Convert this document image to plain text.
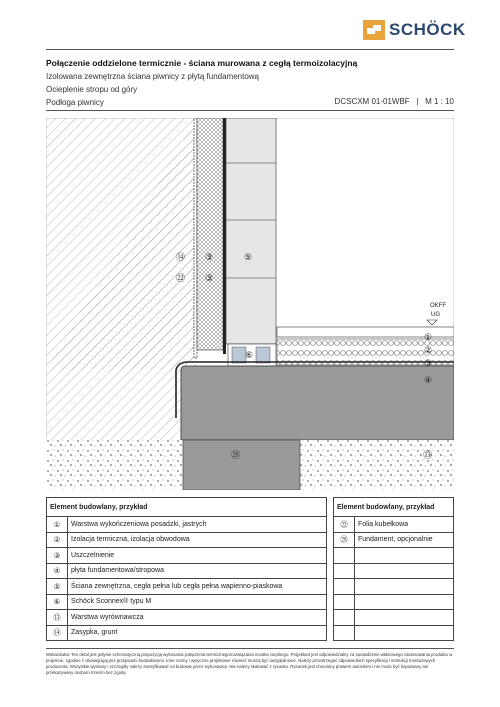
SCHÖCK
Połączenie oddzielone termicznie - ściana murowana z cegłą termoizolacyjną
Izolowana zewnętrzna ściana piwnicy z płytą fundamentową
Ocieplenie stropu od góry
Podłoga piwnicy	DCSCXM 01-01WBF   |   M 1 : 10
OKFF
UG
⑭ ③	⑤
㉒ ③
⑥
①
②
③
④
㉘	⑬
Element budowlany, przykład			Element budowlany, przykład	
①	Warstwa wykończeniowa posadzki, jastrych		㉒	Folia kubełkowa
②	Izolacja termiczna, izolacja obwodowa		㉘	Fundament, opcjonalnie
③	Uszczelnienie			
④	płyta fundamentowa/stropowa			
⑤	Ściana zewnętrzna, cegła pełna lub cegła pełna wapienno-piaskowa			
⑥	Schöck Sconnex® typu M			
⑬	Warstwa wyrównawcza			
⑭	Zasypka, grunt			
Wskazówka: Ten detal jest jedynie schematyczną propozycją wykonania połączenia termicznego/rozwiązania mostka cieplnego. Projektant jest odpowiedzialny za sprawdzenie właściwego zastosowania produktu w projekcie, zgodnie z obowiązującymi przepisami budowlanymi. Inne normy i wytyczne projektowe również muszą być uwzględnione. Należy przestrzegać odpowiednich specyfikacji i instrukcji montażowych producenta. Wszystkie wymiary i szczegóły należy zweryfikować na budowie przez wykonawcę. Nie należy skalować z rysunku. Rysunek jest chroniony prawem autorskim i nie może być kopiowany ani przekazywany osobom trzecim bez zgody.
